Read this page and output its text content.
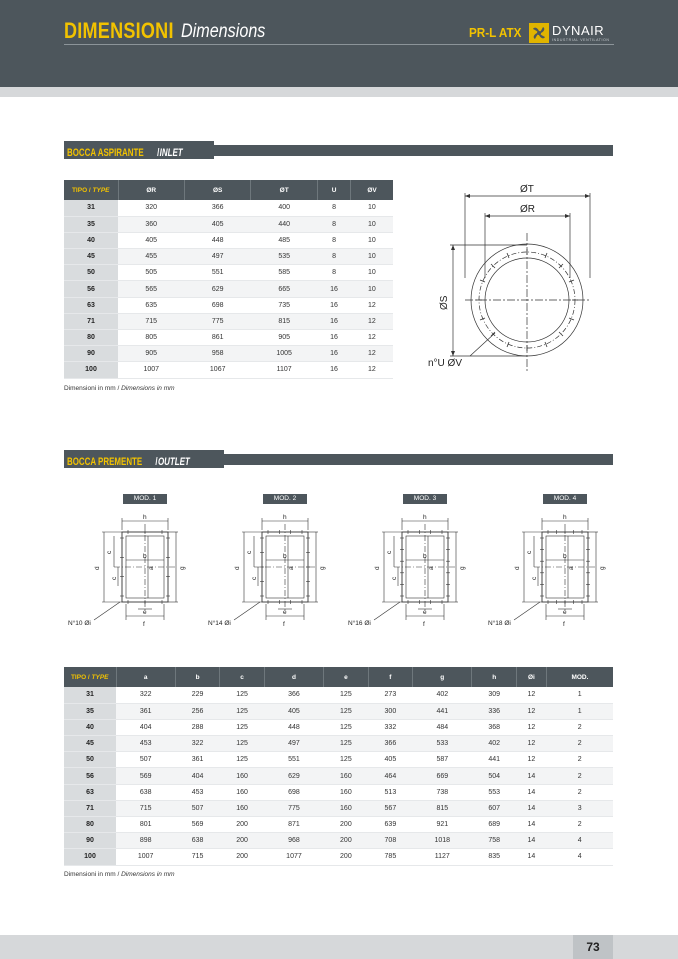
DIMENSIONI Dimensions	PR-L ATX DYNAIR
INDUSTRIAL VENTILATION
BOCCA ASPIRANTE/INLET
TIPO / TYPE	ØR	ØS	ØT	U	ØV
31	320	366	400	8	10
35	360	405	440	8	10
40	405	448	485	8	10
45	455	497	535	8	10
50	505	551	585	8	10
56	565	629	665	16	10
63	635	698	735	16	12
71	715	775	815	16	12
80	805	861	905	16	12
90	905	958	1005	16	12
100	1007	1067	1107	16	12
Dimensioni in mm / Dimensions in mm
ØT
ØR
ØS
n°U ØV
BOCCA PREMENTE/OUTLET
MOD. 1
h
b
g
a
d
c
c
e
f
N°10 Øi
MOD. 2
h
b
g
a
d
c
c
e
f
N°14 Øi
MOD. 3
h
b
g
a
d
c
c
e
f
N°16 Øi
MOD. 4
h
b
g
a
d
c
c
e
f
N°18 Øi
TIPO / TYPE	a	b	c	d	e	f	g	h	Øi	MOD.
31	322	229	125	366	125	273	402	309	12	1
35	361	256	125	405	125	300	441	336	12	1
40	404	288	125	448	125	332	484	368	12	2
45	453	322	125	497	125	366	533	402	12	2
50	507	361	125	551	125	405	587	441	12	2
56	569	404	160	629	160	464	669	504	14	2
63	638	453	160	698	160	513	738	553	14	2
71	715	507	160	775	160	567	815	607	14	3
80	801	569	200	871	200	639	921	689	14	2
90	898	638	200	968	200	708	1018	758	14	4
100	1007	715	200	1077	200	785	1127	835	14	4
Dimensioni in mm / Dimensions in mm
73
